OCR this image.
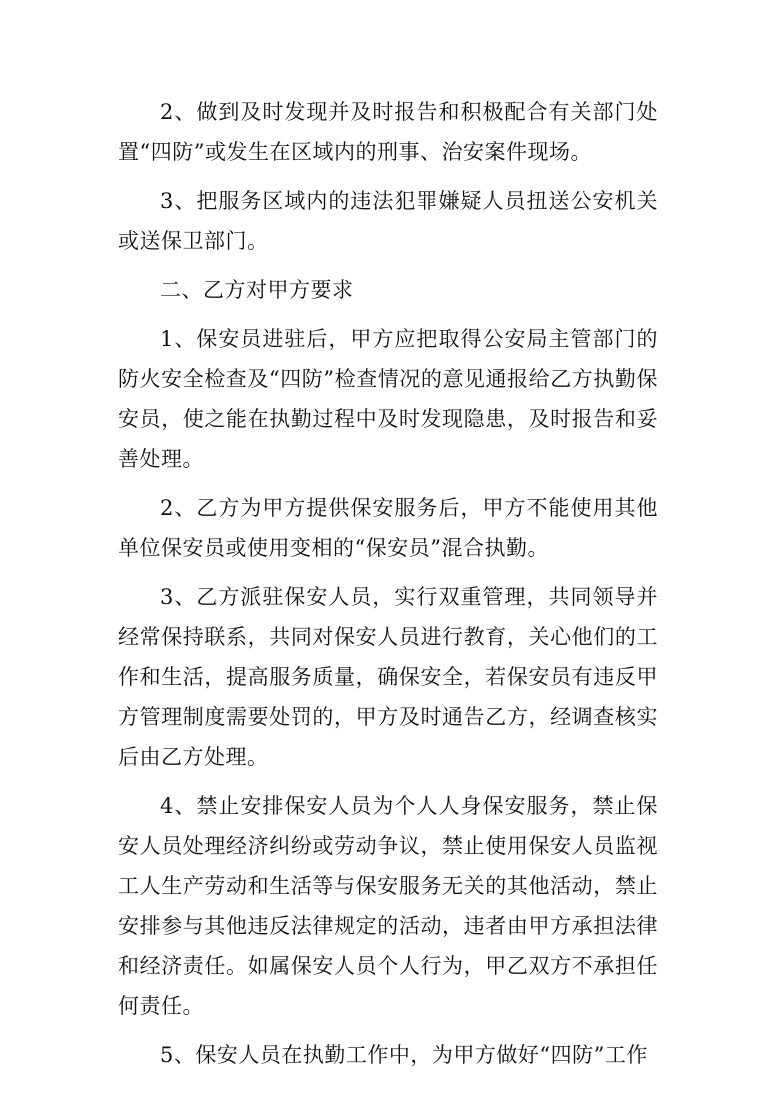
2、做到及时发现并及时报告和积极配合有关部门处置“四防”或发生在区域内的刑事、治安案件现场。

3、把服务区域内的违法犯罪嫌疑人员扭送公安机关或送保卫部门。

二、乙方对甲方要求

1、保安员进驻后，甲方应把取得公安局主管部门的防火安全检查及“四防”检查情况的意见通报给乙方执勤保安员，使之能在执勤过程中及时发现隐患，及时报告和妥善处理。

2、乙方为甲方提供保安服务后，甲方不能使用其他单位保安员或使用变相的“保安员”混合执勤。

3、乙方派驻保安人员，实行双重管理，共同领导并经常保持联系，共同对保安人员进行教育，关心他们的工作和生活，提高服务质量，确保安全，若保安员有违反甲方管理制度需要处罚的，甲方及时通告乙方，经调查核实后由乙方处理。

4、禁止安排保安人员为个人人身保安服务，禁止保安人员处理经济纠纷或劳动争议，禁止使用保安人员监视工人生产劳动和生活等与保安服务无关的其他活动，禁止安排参与其他违反法律规定的活动，违者由甲方承担法律和经济责任。如属保安人员个人行为，甲乙双方不承担任何责任。

5、保安人员在执勤工作中，为甲方做好“四防”工作
